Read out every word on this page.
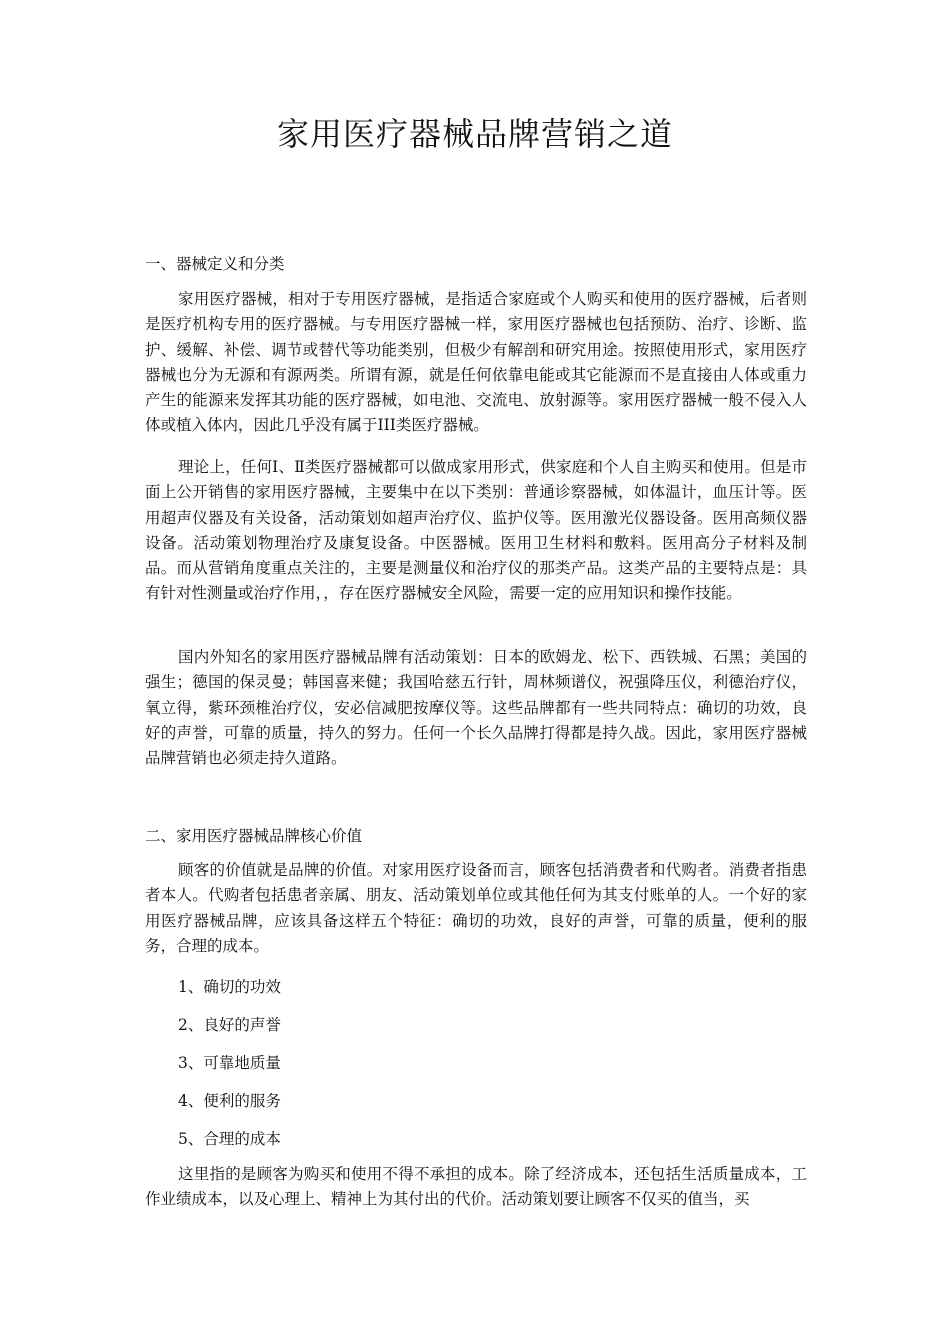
家用医疗器械品牌营销之道
一、器械定义和分类
家用医疗器械，相对于专用医疗器械，是指适合家庭或个人购买和使用的医疗器械，后者则是医疗机构专用的医疗器械。与专用医疗器械一样，家用医疗器械也包括预防、治疗、诊断、监护、缓解、补偿、调节或替代等功能类别，但极少有解剖和研究用途。按照使用形式，家用医疗器械也分为无源和有源两类。所谓有源，就是任何依靠电能或其它能源而不是直接由人体或重力产生的能源来发挥其功能的医疗器械，如电池、交流电、放射源等。家用医疗器械一般不侵入人体或植入体内，因此几乎没有属于III类医疗器械。
理论上，任何Ⅰ、Ⅱ类医疗器械都可以做成家用形式，供家庭和个人自主购买和使用。但是市面上公开销售的家用医疗器械，主要集中在以下类别：普通诊察器械，如体温计，血压计等。医用超声仪器及有关设备，活动策划如超声治疗仪、监护仪等。医用激光仪器设备。医用高频仪器设备。活动策划物理治疗及康复设备。中医器械。医用卫生材料和敷料。医用高分子材料及制品。而从营销角度重点关注的，主要是测量仪和治疗仪的那类产品。这类产品的主要特点是：具有针对性测量或治疗作用，，存在医疗器械安全风险，需要一定的应用知识和操作技能。
国内外知名的家用医疗器械品牌有活动策划：日本的欧姆龙、松下、西铁城、石黑；美国的强生；德国的保灵曼；韩国喜来健；我国哈慈五行针，周林频谱仪，祝强降压仪，利德治疗仪，氧立得，紫环颈椎治疗仪，安必信减肥按摩仪等。这些品牌都有一些共同特点：确切的功效，良好的声誉，可靠的质量，持久的努力。任何一个长久品牌打得都是持久战。因此，家用医疗器械品牌营销也必须走持久道路。
二、家用医疗器械品牌核心价值
顾客的价值就是品牌的价值。对家用医疗设备而言，顾客包括消费者和代购者。消费者指患者本人。代购者包括患者亲属、朋友、活动策划单位或其他任何为其支付账单的人。一个好的家用医疗器械品牌，应该具备这样五个特征：确切的功效，良好的声誉，可靠的质量，便利的服务，合理的成本。
1、确切的功效
2、良好的声誉
3、可靠地质量
4、便利的服务
5、合理的成本
这里指的是顾客为购买和使用不得不承担的成本。除了经济成本，还包括生活质量成本，工作业绩成本，以及心理上、精神上为其付出的代价。活动策划要让顾客不仅买的值当，买
